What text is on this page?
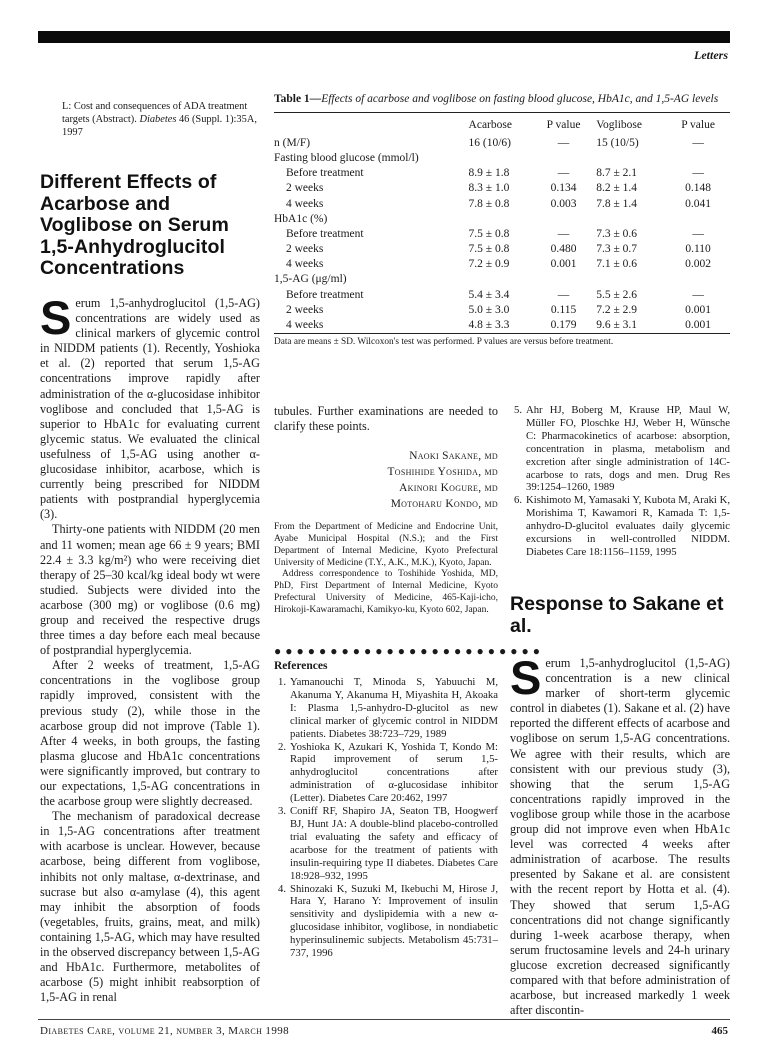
Letters
L: Cost and consequences of ADA treatment targets (Abstract). Diabetes 46 (Suppl. 1):35A, 1997
Different Effects of Acarbose and Voglibose on Serum 1,5-Anhydroglucitol Concentrations

Serum 1,5-anhydroglucitol (1,5-AG) concentrations are widely used as clinical markers of glycemic control in NIDDM patients (1). Recently, Yoshioka et al. (2) reported that serum 1,5-AG concentrations improve rapidly after administration of the α-glucosidase inhibitor voglibose and concluded that 1,5-AG is superior to HbA1c for evaluating current glycemic status. We evaluated the clinical usefulness of 1,5-AG using another α-glucosidase inhibitor, acarbose, which is currently being prescribed for NIDDM patients with postprandial hyperglycemia (3).

Thirty-one patients with NIDDM (20 men and 11 women; mean age 66 ± 9 years; BMI 22.4 ± 3.3 kg/m²) who were receiving diet therapy of 25–30 kcal/kg ideal body wt were studied. Subjects were divided into the acarbose (300 mg) or voglibose (0.6 mg) group and received the respective drugs three times a day before each meal because of postprandial hyperglycemia.

After 2 weeks of treatment, 1,5-AG concentrations in the voglibose group rapidly improved, consistent with the previous study (2), while those in the acarbose group did not improve (Table 1). After 4 weeks, in both groups, the fasting plasma glucose and HbA1c concentrations were significantly improved, but contrary to our expectations, 1,5-AG concentrations in the acarbose group were slightly decreased.

The mechanism of paradoxical decrease in 1,5-AG concentrations after treatment with acarbose is unclear. However, because acarbose, being different from voglibose, inhibits not only maltase, α-dextrinase, and sucrase but also α-amylase (4), this agent may inhibit the absorption of foods (vegetables, fruits, grains, meat, and milk) containing 1,5-AG, which may have resulted in the observed discrepancy between 1,5-AG and HbA1c. Furthermore, metabolites of acarbose (5) might inhibit reabsorption of 1,5-AG in renal

Table 1—Effects of acarbose and voglibose on fasting blood glucose, HbA1c, and 1,5-AG levels
	Acarbose	P value	Voglibose	P value
n (M/F)	16 (10/6)	—	15 (10/5)	—
Fasting blood glucose (mmol/l)				
Before treatment	8.9 ± 1.8	—	8.7 ± 2.1	—
2 weeks	8.3 ± 1.0	0.134	8.2 ± 1.4	0.148
4 weeks	7.8 ± 0.8	0.003	7.8 ± 1.4	0.041
HbA1c (%)				
Before treatment	7.5 ± 0.8	—	7.3 ± 0.6	—
2 weeks	7.5 ± 0.8	0.480	7.3 ± 0.7	0.110
4 weeks	7.2 ± 0.9	0.001	7.1 ± 0.6	0.002
1,5-AG (μg/ml)				
Before treatment	5.4 ± 3.4	—	5.5 ± 2.6	—
2 weeks	5.0 ± 3.0	0.115	7.2 ± 2.9	0.001
4 weeks	4.8 ± 3.3	0.179	9.6 ± 3.1	0.001
Data are means ± SD. Wilcoxon's test was performed. P values are versus before treatment.

tubules. Further examinations are needed to clarify these points.

Naoki Sakane, md
Toshihide Yoshida, md
Akinori Kogure, md
Motoharu Kondo, md
From the Department of Medicine and Endocrine Unit, Ayabe Municipal Hospital (N.S.); and the First Department of Internal Medicine, Kyoto Prefectural University of Medicine (T.Y., A.K., M.K.), Kyoto, Japan.
Address correspondence to Toshihide Yoshida, MD, PhD, First Department of Internal Medicine, Kyoto Prefectural University of Medicine, 465-Kaji-icho, Hirokoji-Kawaramachi, Kamikyo-ku, Kyoto 602, Japan.
●●●●●●●●●●●●●●●●●●●●●●●●
References
1. Yamanouchi T, Minoda S, Yabuuchi M, Akanuma Y, Akanuma H, Miyashita H, Akoaka I: Plasma 1,5-anhydro-D-glucitol as new clinical marker of glycemic control in NIDDM patients. Diabetes 38:723–729, 1989
2. Yoshioka K, Azukari K, Yoshida T, Kondo M: Rapid improvement of serum 1,5-anhydroglucitol concentrations after administration of α-glucosidase inhibitor (Letter). Diabetes Care 20:462, 1997
3. Coniff RF, Shapiro JA, Seaton TB, Hoogwerf BJ, Hunt JA: A double-blind placebo-controlled trial evaluating the safety and efficacy of acarbose for the treatment of patients with insulin-requiring type II diabetes. Diabetes Care 18:928–932, 1995
4. Shinozaki K, Suzuki M, Ikebuchi M, Hirose J, Hara Y, Harano Y: Improvement of insulin sensitivity and dyslipidemia with a new α-glucosidase inhibitor, voglibose, in nondiabetic hyperinsulinemic subjects. Metabolism 45:731–737, 1996
5. Ahr HJ, Boberg M, Krause HP, Maul W, Müller FO, Ploschke HJ, Weber H, Wünsche C: Pharmacokinetics of acarbose: absorption, concentration in plasma, metabolism and excretion after single administration of 14C-acarbose to rats, dogs and men. Drug Res 39:1254–1260, 1989
6. Kishimoto M, Yamasaki Y, Kubota M, Araki K, Morishima T, Kawamori R, Kamada T: 1,5-anhydro-D-glucitol evaluates daily glycemic excursions in well-controlled NIDDM. Diabetes Care 18:1156–1159, 1995
Response to Sakane et al.

Serum 1,5-anhydroglucitol (1,5-AG) concentration is a new clinical marker of short-term glycemic control in diabetes (1). Sakane et al. (2) have reported the different effects of acarbose and voglibose on serum 1,5-AG concentrations. We agree with their results, which are consistent with our previous study (3), showing that the serum 1,5-AG concentrations rapidly improved in the voglibose group while those in the acarbose group did not improve even when HbA1c level was corrected 4 weeks after administration of acarbose. The results presented by Sakane et al. are consistent with the recent report by Hotta et al. (4). They showed that serum 1,5-AG concentrations did not change significantly during 1-week acarbose therapy, when serum fructosamine levels and 24-h urinary glucose excretion decreased significantly compared with that before administration of acarbose, but increased markedly 1 week after discontin-

Diabetes Care, volume 21, number 3, March 1998	465
